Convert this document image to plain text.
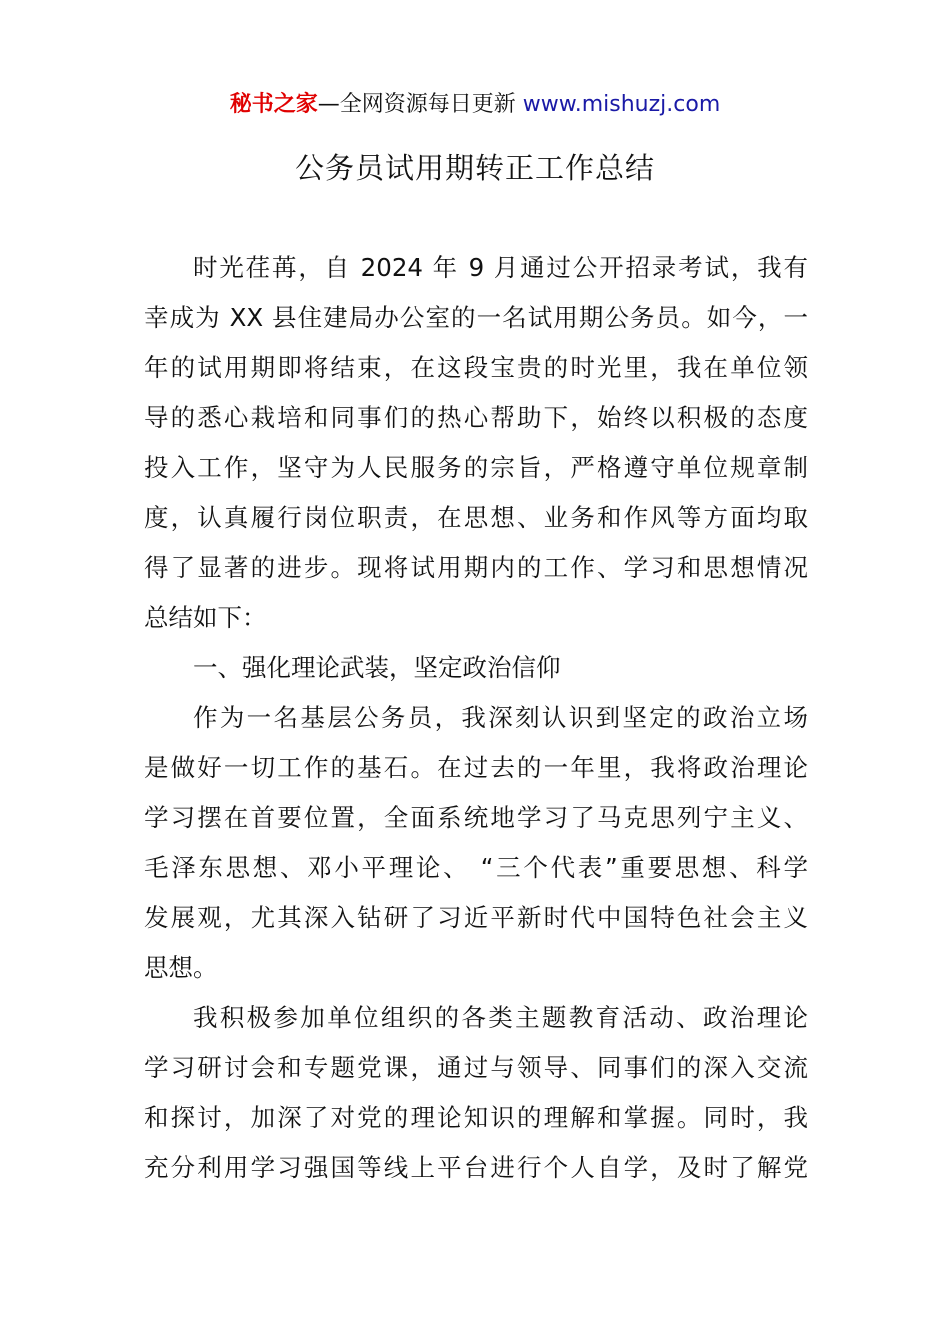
秘书之家—全网资源每日更新 www.mishuzj.com
公务员试用期转正工作总结
时光荏苒，自 2024 年 9 月通过公开招录考试，我有
幸成为 XX 县住建局办公室的一名试用期公务员。如今，一
年的试用期即将结束，在这段宝贵的时光里，我在单位领
导的悉心栽培和同事们的热心帮助下，始终以积极的态度
投入工作，坚守为人民服务的宗旨，严格遵守单位规章制
度，认真履行岗位职责，在思想、业务和作风等方面均取
得了显著的进步。现将试用期内的工作、学习和思想情况
总结如下：
一、强化理论武装，坚定政治信仰
作为一名基层公务员，我深刻认识到坚定的政治立场
是做好一切工作的基石。在过去的一年里，我将政治理论
学习摆在首要位置，全面系统地学习了马克思列宁主义、
毛泽东思想、邓小平理论、 “三个代表”重要思想、科学
发展观，尤其深入钻研了习近平新时代中国特色社会主义
思想。
我积极参加单位组织的各类主题教育活动、政治理论
学习研讨会和专题党课，通过与领导、同事们的深入交流
和探讨，加深了对党的理论知识的理解和掌握。同时，我
充分利用学习强国等线上平台进行个人自学，及时了解党
